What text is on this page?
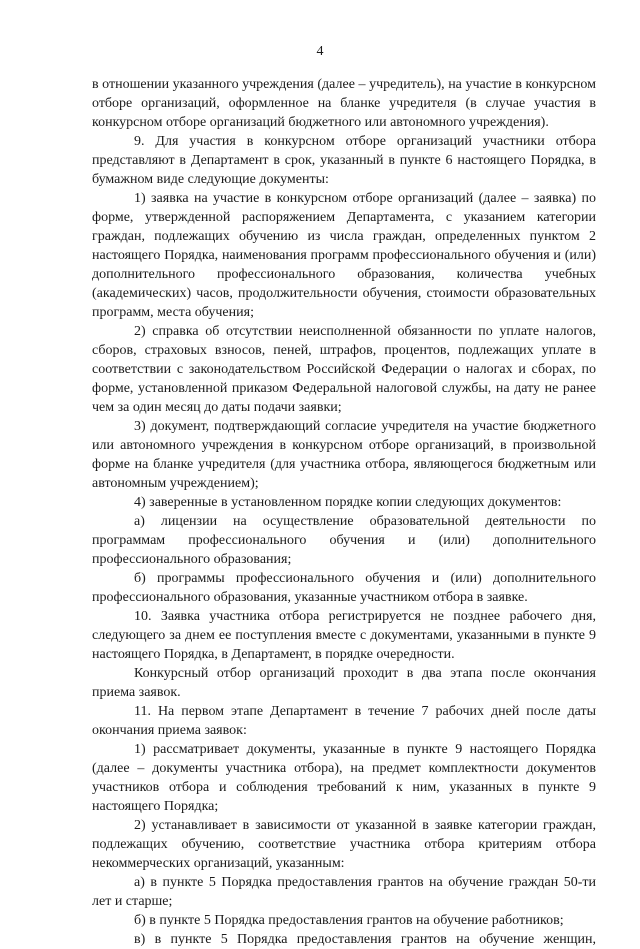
4

в отношении указанного учреждения (далее – учредитель), на участие в конкурсном отборе организаций, оформленное на бланке учредителя (в случае участия в конкурсном отборе организаций бюджетного или автономного учреждения).

9. Для участия в конкурсном отборе организаций участники отбора представляют в Департамент в срок, указанный в пункте 6 настоящего Порядка, в бумажном виде следующие документы:

1) заявка на участие в конкурсном отборе организаций (далее – заявка) по форме, утвержденной распоряжением Департамента, с указанием категории граждан, подлежащих обучению из числа граждан, определенных пунктом 2 настоящего Порядка, наименования программ профессионального обучения и (или) дополнительного профессионального образования, количества учебных (академических) часов, продолжительности обучения, стоимости образовательных программ, места обучения;

2) справка об отсутствии неисполненной обязанности по уплате налогов, сборов, страховых взносов, пеней, штрафов, процентов, подлежащих уплате в соответствии с законодательством Российской Федерации о налогах и сборах, по форме, установленной приказом Федеральной налоговой службы, на дату не ранее чем за один месяц до даты подачи заявки;

3) документ, подтверждающий согласие учредителя на участие бюджетного или автономного учреждения в конкурсном отборе организаций, в произвольной форме на бланке учредителя (для участника отбора, являющегося бюджетным или автономным учреждением);

4) заверенные в установленном порядке копии следующих документов:

а) лицензии на осуществление образовательной деятельности по программам профессионального обучения и (или) дополнительного профессионального образования;

б) программы профессионального обучения и (или) дополнительного профессионального образования, указанные участником отбора в заявке.

10. Заявка участника отбора регистрируется не позднее рабочего дня, следующего за днем ее поступления вместе с документами, указанными в пункте 9 настоящего Порядка, в Департамент, в порядке очередности.

Конкурсный отбор организаций проходит в два этапа после окончания приема заявок.

11. На первом этапе Департамент в течение 7 рабочих дней после даты окончания приема заявок:

1) рассматривает документы, указанные в пункте 9 настоящего Порядка (далее – документы участника отбора), на предмет комплектности документов участников отбора и соблюдения требований к ним, указанных в пункте 9 настоящего Порядка;

2) устанавливает в зависимости от указанной в заявке категории граждан, подлежащих обучению, соответствие участника отбора критериям отбора некоммерческих организаций, указанным:

а) в пункте 5 Порядка предоставления грантов на обучение граждан 50-ти лет и старше;

б) в пункте 5 Порядка предоставления грантов на обучение работников;

в) в пункте 5 Порядка предоставления грантов на обучение женщин,
